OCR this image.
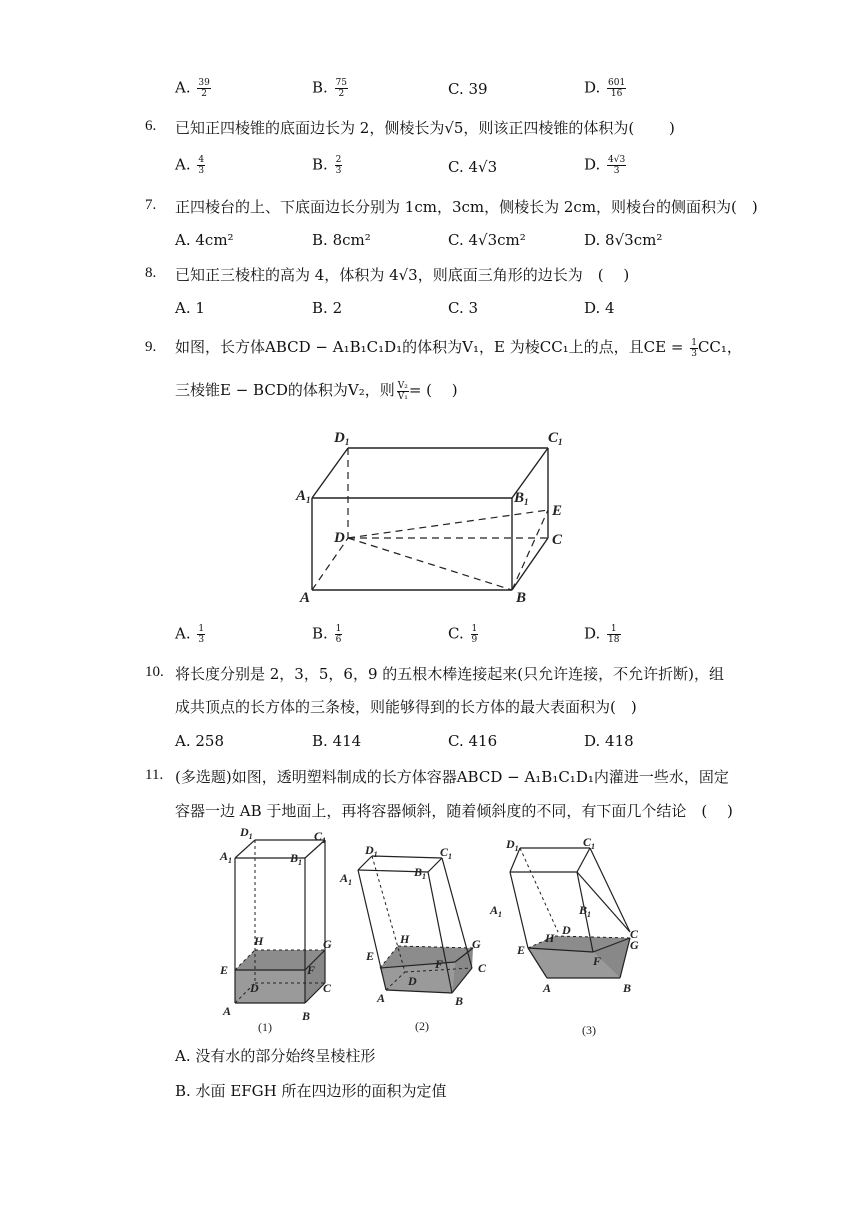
A. $\frac{39}{2}$	B. $\frac{75}{2}$	C. 39	D. $\frac{601}{16}$
6. 已知正四棱锥的底面边长为 2，侧棱长为√5，则该正四棱锥的体积为(　　 )
A. $\frac{4}{3}$	B. $\frac{2}{3}$	C. 4√3	D. $\frac{4√3}{3}$
7. 正四棱台的上、下底面边长分别为 1cm，3cm，侧棱长为 2cm，则棱台的侧面积为(　)
A. 4cm²	B. 8cm²	C. 4√3cm²	D. 8√3cm²
8. 已知正三棱柱的高为 4，体积为 4√3，则底面三角形的边长为　(　 )
A. 1	B. 2	C. 3	D. 4
9. 如图，长方体ABCD − A₁B₁C₁D₁的体积为V₁，E 为棱CC₁上的点，且CE = $\frac{1}{3} CC_1$，
三棱锥E − BCD的体积为V₂，则 $\frac{\text{V₂}}{\text{V₁}}$ = (　 )
$D_1$	$C_1$
$A_1$	$B_1$
E
D	C
A	B
A. $\frac{1}{3}$	B. $\frac{1}{6}$	C. $\frac{1}{9}$	D. $\frac{1}{18}$
10. 将长度分别是 2，3，5，6，9 的五根木棒连接起来(只允许连接，不允许折断)，组
成共顶点的长方体的三条棱，则能够得到的长方体的最大表面积为(　)
A. 258	B. 414	C. 416	D. 418
11. (多选题)如图，透明塑料制成的长方体容器ABCD − A₁B₁C₁D₁内灌进一些水，固定
容器一边 AB 于地面上，再将容器倾斜，随着倾斜度的不同，有下面几个结论　(　 )
$D_1$	$C_1$
$A_1$	$B_1$
H	G
E	F
D	C
A	B
(1)
$D_1$	$C_1$
$A_1$
$B_1$
H	G
E
F
D
C
A	B
(2)
$D_1$	$C_1$
$A_1$	$B_1$
D
H	C
G
E
F
A	B
(3)
A. 没有水的部分始终呈棱柱形
B. 水面 EFGH 所在四边形的面积为定值
